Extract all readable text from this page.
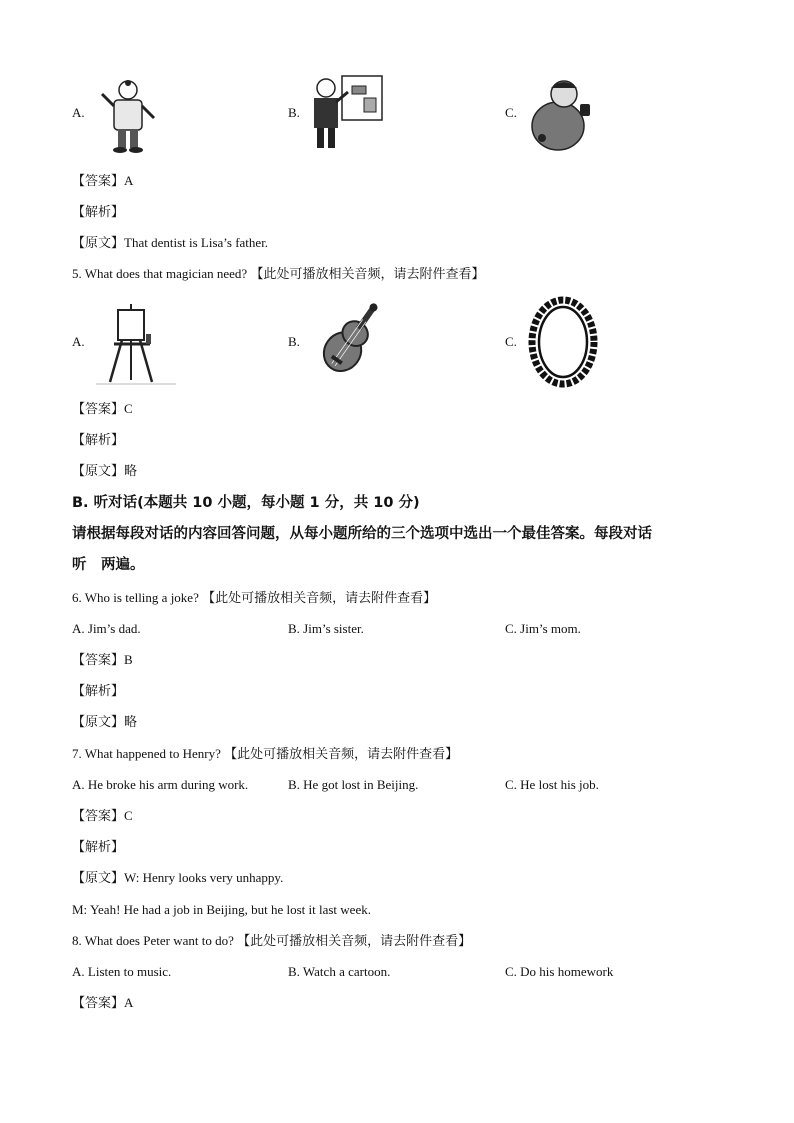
A.	B.	C.
【答案】A
【解析】
【原文】That dentist is Lisa’s father.
5. What does that magician need? 【此处可播放相关音频，请去附件查看】
A.	B.	C.
【答案】C
【解析】
【原文】略
B. 听对话(本题共 10 小题，每小题 1 分，共 10 分)
请根据每段对话的内容回答问题，从每小题所给的三个选项中选出一个最佳答案。每段对话
听　两遍。
6. Who is telling a joke? 【此处可播放相关音频，请去附件查看】
A. Jim’s dad.	B. Jim’s sister.	C. Jim’s mom.
【答案】B
【解析】
【原文】略
7. What happened to Henry? 【此处可播放相关音频，请去附件查看】
A. He broke his arm during work.	B. He got lost in Beijing.	C. He lost his job.
【答案】C
【解析】
【原文】W: Henry looks very unhappy.
M: Yeah! He had a job in Beijing, but he lost it last week.
8. What does Peter want to do? 【此处可播放相关音频，请去附件查看】
A. Listen to music.	B. Watch a cartoon.	C. Do his homework
【答案】A
